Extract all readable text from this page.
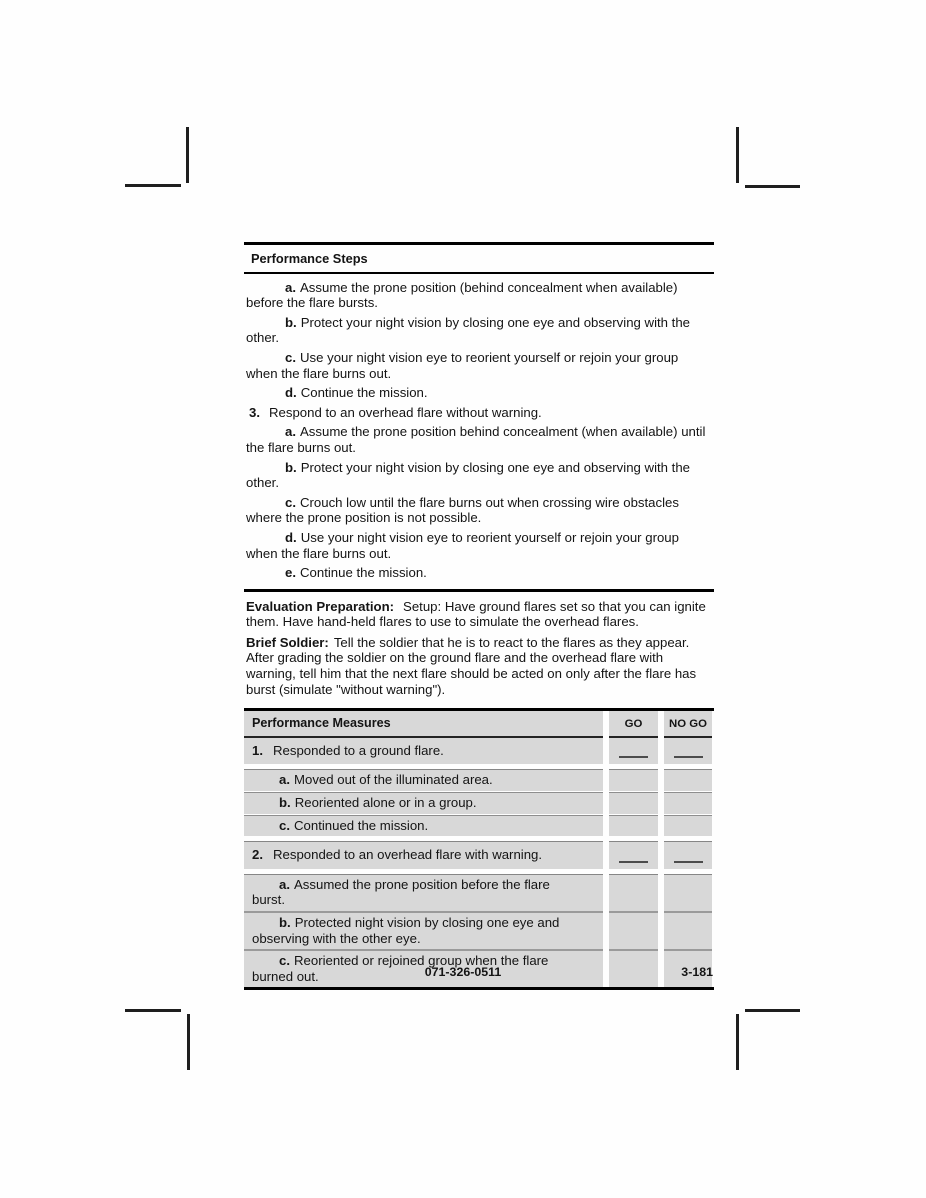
Performance Steps

a. Assume the prone position (behind concealment when available) before the flare bursts.

b. Protect your night vision by closing one eye and observing with the other.

c. Use your night vision eye to reorient yourself or rejoin your group when the flare burns out.

d. Continue the mission.

3. Respond to an overhead flare without warning.

a. Assume the prone position behind concealment (when available) until the flare burns out.

b. Protect your night vision by closing one eye and observing with the other.

c. Crouch low until the flare burns out when crossing wire obstacles where the prone position is not possible.

d. Use your night vision eye to reorient yourself or rejoin your group when the flare burns out.

e. Continue the mission.

Evaluation Preparation: Setup: Have ground flares set so that you can ignite them. Have hand-held flares to use to simulate the overhead flares.

Brief Soldier: Tell the soldier that he is to react to the flares as they appear. After grading the soldier on the ground flare and the overhead flare with warning, tell him that the next flare should be acted on only after the flare has burst (simulate "without warning").

Performance Measures	GO	NO GO
1. Responded to a ground flare.
a. Moved out of the illuminated area.
b. Reoriented alone or in a group.
c. Continued the mission.
2. Responded to an overhead flare with warning.
a. Assumed the prone position before the flare burst.
b. Protected night vision by closing one eye and observing with the other eye.
c. Reoriented or rejoined group when the flare burned out.	071-326-0511	3-181
